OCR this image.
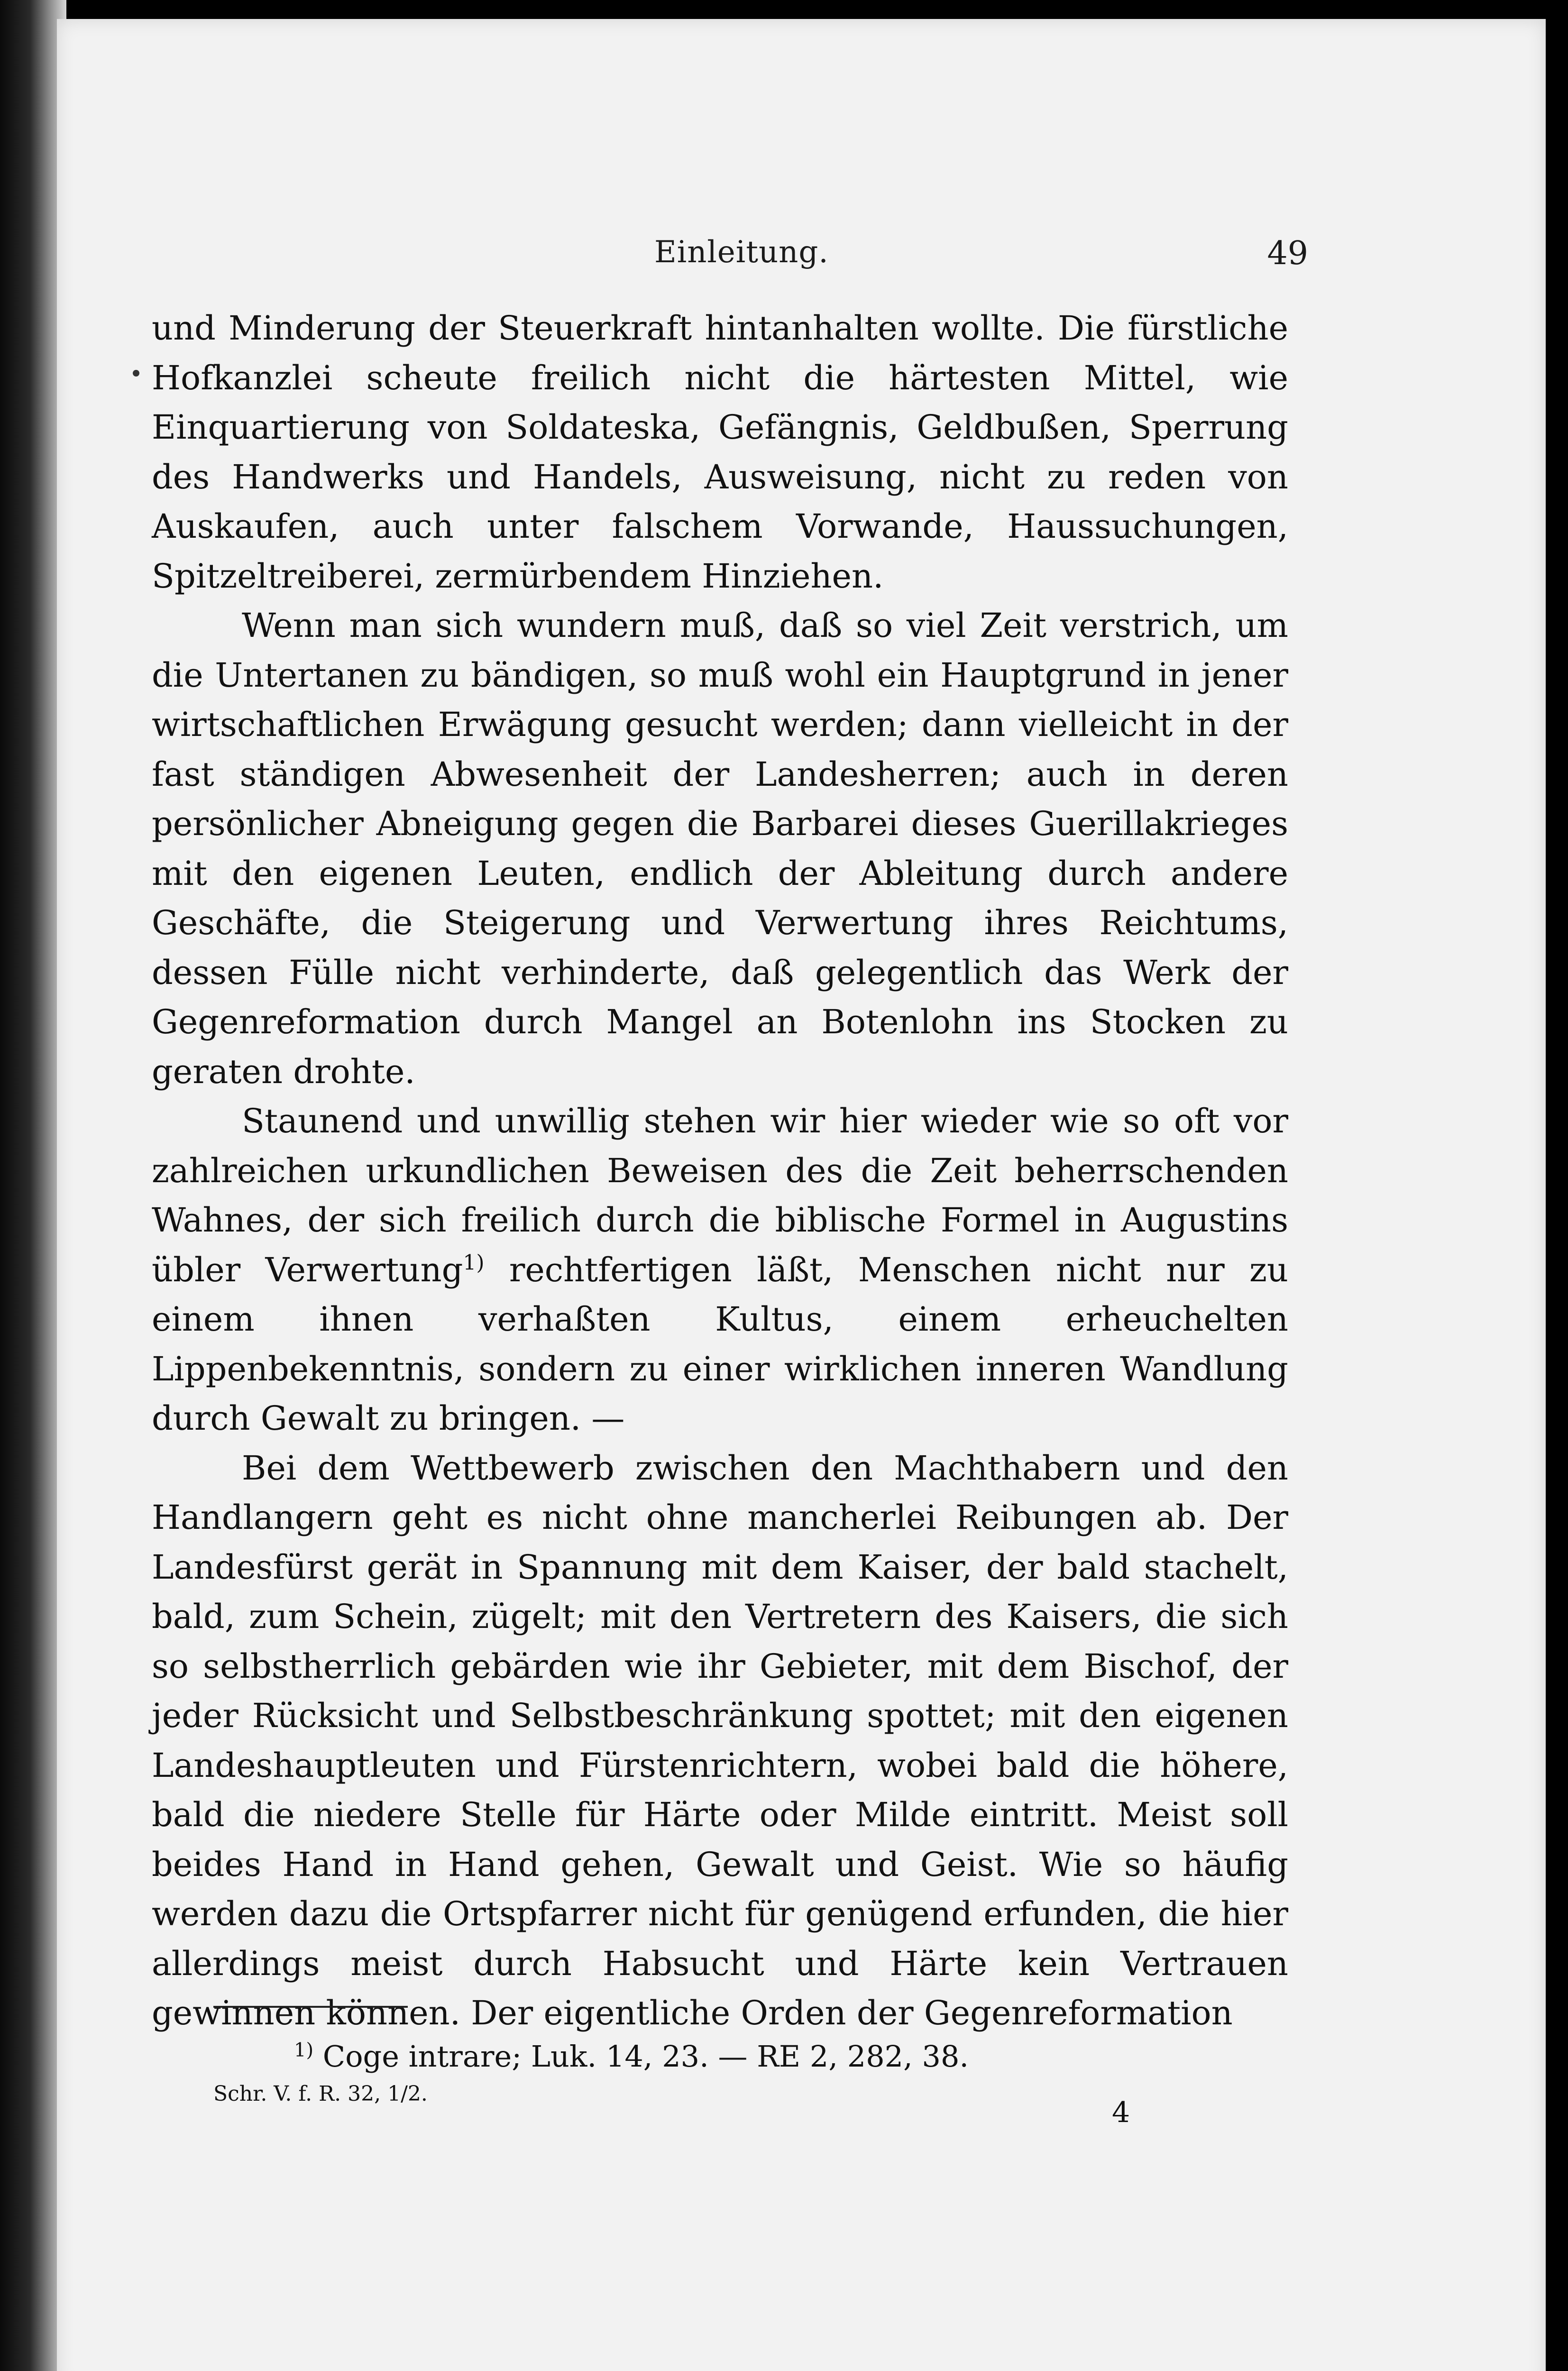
Einleitung.	49

und Minderung der Steuerkraft hintanhalten wollte. Die fürstliche Hofkanzlei scheute freilich nicht die härtesten Mittel, wie Einquartierung von Soldateska, Gefängnis, Geldbußen, Sperrung des Handwerks und Handels, Ausweisung, nicht zu reden von Auskaufen, auch unter falschem Vorwande, Haussuchungen, Spitzeltreiberei, zermürbendem Hinziehen.

Wenn man sich wundern muß, daß so viel Zeit verstrich, um die Untertanen zu bändigen, so muß wohl ein Hauptgrund in jener wirtschaftlichen Erwägung gesucht werden; dann vielleicht in der fast ständigen Abwesenheit der Landesherren; auch in deren persönlicher Abneigung gegen die Barbarei dieses Guerillakrieges mit den eigenen Leuten, endlich der Ableitung durch andere Geschäfte, die Steigerung und Verwertung ihres Reichtums, dessen Fülle nicht verhinderte, daß gelegentlich das Werk der Gegenreformation durch Mangel an Botenlohn ins Stocken zu geraten drohte.

Staunend und unwillig stehen wir hier wieder wie so oft vor zahlreichen urkundlichen Beweisen des die Zeit beherrschenden Wahnes, der sich freilich durch die biblische Formel in Augustins übler Verwertung$^{1)}$ rechtfertigen läßt, Menschen nicht nur zu einem ihnen verhaßten Kultus, einem erheuchelten Lippenbekenntnis, sondern zu einer wirklichen inneren Wandlung durch Gewalt zu bringen. —

Bei dem Wettbewerb zwischen den Machthabern und den Handlangern geht es nicht ohne mancherlei Reibungen ab. Der Landesfürst gerät in Spannung mit dem Kaiser, der bald stachelt, bald, zum Schein, zügelt; mit den Vertretern des Kaisers, die sich so selbstherrlich gebärden wie ihr Gebieter, mit dem Bischof, der jeder Rücksicht und Selbstbeschränkung spottet; mit den eigenen Landeshauptleuten und Fürstenrichtern, wobei bald die höhere, bald die niedere Stelle für Härte oder Milde eintritt. Meist soll beides Hand in Hand gehen, Gewalt und Geist. Wie so häufig werden dazu die Ortspfarrer nicht für genügend erfunden, die hier allerdings meist durch Habsucht und Härte kein Vertrauen gewinnen können. Der eigentliche Orden der Gegenreformation

$^{1)}$ Coge intrare; Luk. 14, 23. — RE 2, 282, 38.
Schr. V. f. R. 32, 1/2.
4
